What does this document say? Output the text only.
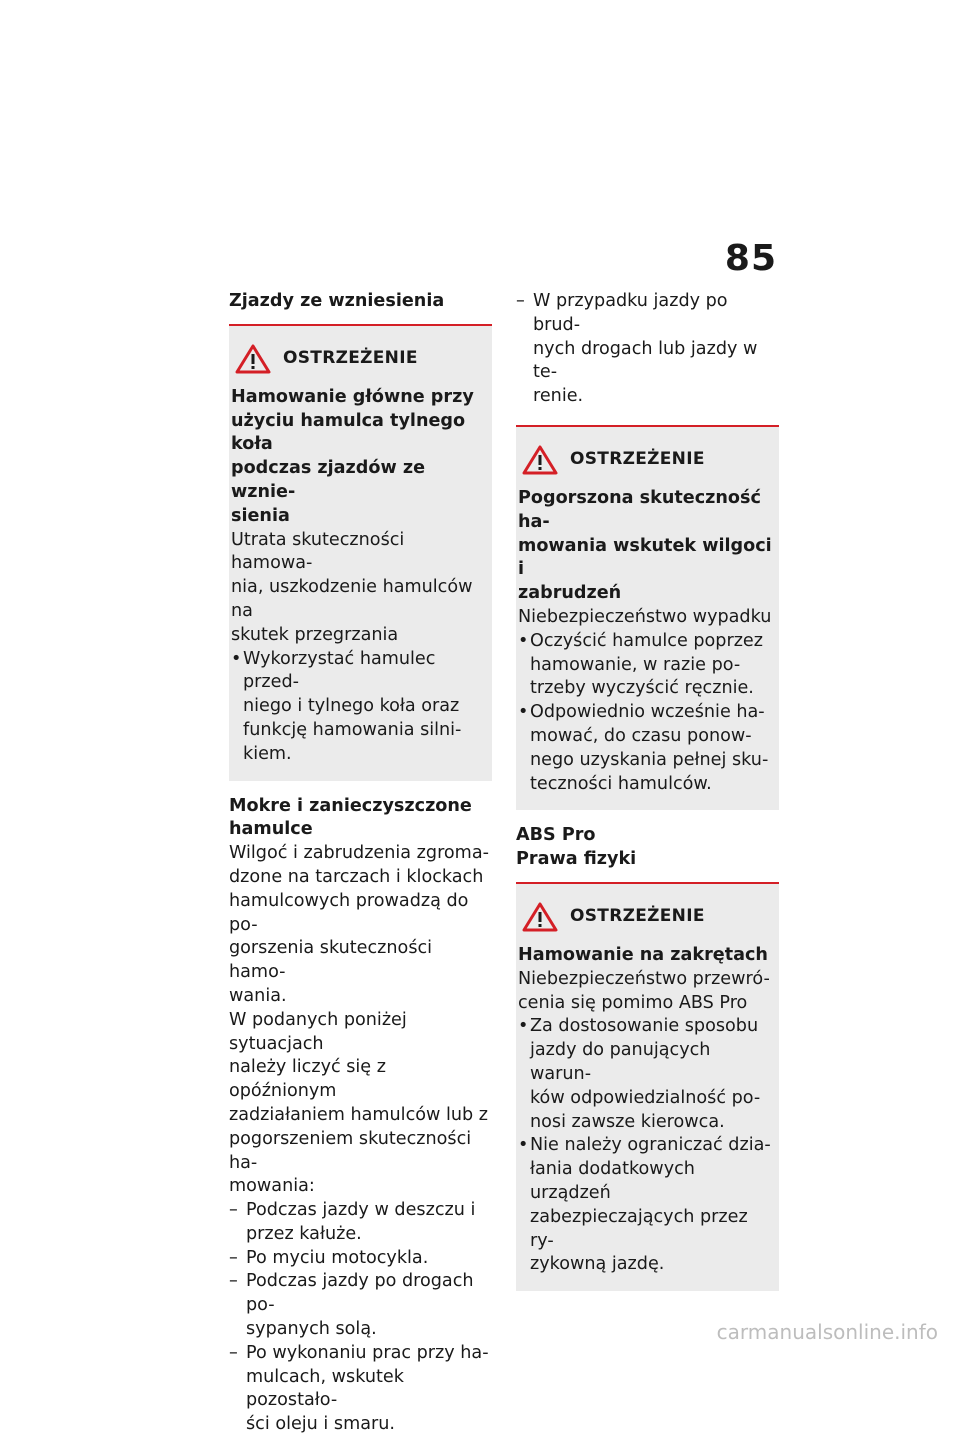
85
Zjazdy ze wzniesienia
OSTRZEŻENIE
Hamowanie główne przy
użyciu hamulca tylnego koła
podczas zjazdów ze wznie-
sienia
Utrata skuteczności hamowa-
nia, uszkodzenie hamulców na
skutek przegrzania
• Wykorzystać hamulec przed-
niego i tylnego koła oraz
funkcję hamowania silni-
kiem.
Mokre i zanieczyszczone
hamulce
Wilgoć i zabrudzenia zgroma-
dzone na tarczach i klockach
hamulcowych prowadzą do po-
gorszenia skuteczności hamo-
wania.
W podanych poniżej sytuacjach
należy liczyć się z opóźnionym
zadziałaniem hamulców lub z
pogorszeniem skuteczności ha-
mowania:
– Podczas jazdy w deszczu i
przez kałuże.
– Po myciu motocykla.
– Podczas jazdy po drogach po-
sypanych solą.
– Po wykonaniu prac przy ha-
mulcach, wskutek pozostało-
ści oleju i smaru.
– W przypadku jazdy po brud-
nych drogach lub jazdy w te-
renie.
OSTRZEŻENIE
Pogorszona skuteczność ha-
mowania wskutek wilgoci i
zabrudzeń
Niebezpieczeństwo wypadku
• Oczyścić hamulce poprzez
hamowanie, w razie po-
trzeby wyczyścić ręcznie.
• Odpowiednio wcześnie ha-
mować, do czasu ponow-
nego uzyskania pełnej sku-
teczności hamulców.
ABS Pro
Prawa fizyki
OSTRZEŻENIE
Hamowanie na zakrętach
Niebezpieczeństwo przewró-
cenia się pomimo ABS Pro
• Za dostosowanie sposobu
jazdy do panujących warun-
ków odpowiedzialność po-
nosi zawsze kierowca.
• Nie należy ograniczać dzia-
łania dodatkowych urządzeń
zabezpieczających przez ry-
zykowną jazdę.
carmanualsonline.info
